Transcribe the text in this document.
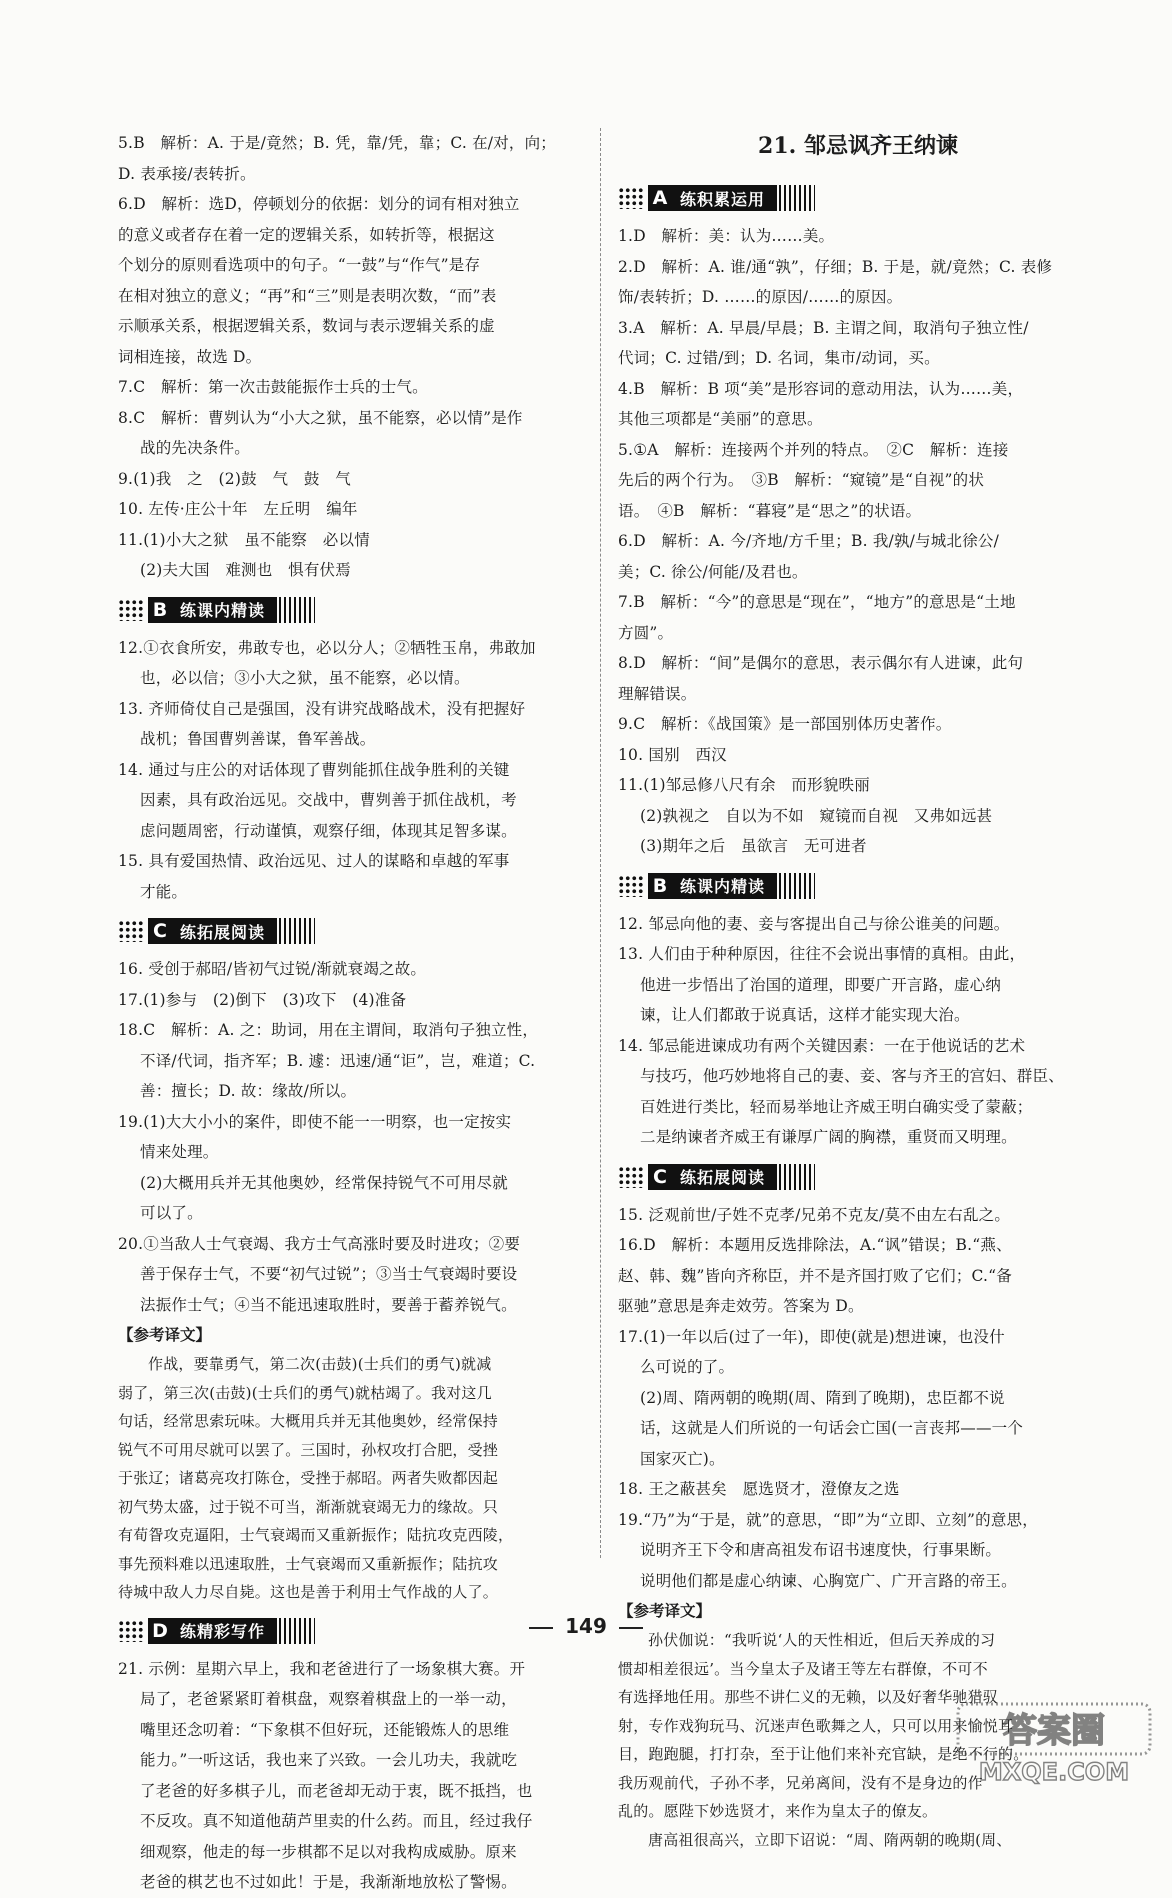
5.B　解析：A. 于是/竟然；B. 凭，靠/凭，靠；C. 在/对，向；
D. 表承接/表转折。
6.D　解析：选D，停顿划分的依据：划分的词有相对独立
的意义或者存在着一定的逻辑关系，如转折等，根据这
个划分的原则看选项中的句子。“一鼓”与“作气”是存
在相对独立的意义；“再”和“三”则是表明次数，“而”表
示顺承关系，根据逻辑关系，数词与表示逻辑关系的虚
词相连接，故选 D。
7.C　解析：第一次击鼓能振作士兵的士气。
8.C　解析：曹刿认为“小大之狱，虽不能察，必以情”是作
战的先决条件。
9.(1)我　之　(2)鼓　气　鼓　气
10. 左传·庄公十年　左丘明　编年
11.(1)小大之狱　虽不能察　必以情
(2)夫大国　难测也　惧有伏焉
B 练课内精读
12.①衣食所安，弗敢专也，必以分人；②牺牲玉帛，弗敢加
也，必以信；③小大之狱，虽不能察，必以情。
13. 齐师倚仗自己是强国，没有讲究战略战术，没有把握好
战机；鲁国曹刿善谋，鲁军善战。
14. 通过与庄公的对话体现了曹刿能抓住战争胜利的关键
因素，具有政治远见。交战中，曹刿善于抓住战机，考
虑问题周密，行动谨慎，观察仔细，体现其足智多谋。
15. 具有爱国热情、政治远见、过人的谋略和卓越的军事
才能。
C 练拓展阅读
16. 受创于郝昭/皆初气过锐/渐就衰竭之故。
17.(1)参与　(2)倒下　(3)攻下　(4)准备
18.C　解析：A. 之：助词，用在主谓间，取消句子独立性，
不译/代词，指齐军；B. 遽：迅速/通“讵”，岂，难道；C.
善：擅长；D. 故：缘故/所以。
19.(1)大大小小的案件，即使不能一一明察，也一定按实
情来处理。
(2)大概用兵并无其他奥妙，经常保持锐气不可用尽就
可以了。
20.①当敌人士气衰竭、我方士气高涨时要及时进攻；②要
善于保存士气，不要“初气过锐”；③当士气衰竭时要设
法振作士气；④当不能迅速取胜时，要善于蓄养锐气。
【参考译文】
作战，要靠勇气，第二次(击鼓)(士兵们的勇气)就减
弱了，第三次(击鼓)(士兵们的勇气)就枯竭了。我对这几
句话，经常思索玩味。大概用兵并无其他奥妙，经常保持
锐气不可用尽就可以罢了。三国时，孙权攻打合肥，受挫
于张辽；诸葛亮攻打陈仓，受挫于郝昭。两者失败都因起
初气势太盛，过于锐不可当，渐渐就衰竭无力的缘故。只
有荀眢攻克逼阳，士气衰竭而又重新振作；陆抗攻克西陵，
事先预料难以迅速取胜，士气衰竭而又重新振作；陆抗攻
待城中敌人力尽自毙。这也是善于利用士气作战的人了。
D 练精彩写作
21. 示例：星期六早上，我和老爸进行了一场象棋大赛。开
局了，老爸紧紧盯着棋盘，观察着棋盘上的一举一动，
嘴里还念叨着：“下象棋不但好玩，还能锻炼人的思维
能力。”一听这话，我也来了兴致。一会儿功夫，我就吃
了老爸的好多棋子儿，而老爸却无动于衷，既不抵挡，也
不反攻。真不知道他葫芦里卖的什么药。而且，经过我仔
细观察，他走的每一步棋都不足以对我构成威胁。原来
老爸的棋艺也不过如此！于是，我渐渐地放松了警惕。
21. 邹忌讽齐王纳谏
A 练积累运用
1.D　解析：美：认为……美。
2.D　解析：A. 谁/通“孰”，仔细；B. 于是，就/竟然；C. 表修
饰/表转折；D. ……的原因/……的原因。
3.A　解析：A. 早晨/早晨；B. 主谓之间，取消句子独立性/
代词；C. 过错/到；D. 名词，集市/动词，买。
4.B　解析：B 项“美”是形容词的意动用法，认为……美，
其他三项都是“美丽”的意思。
5.①A　解析：连接两个并列的特点。　②C　解析：连接
先后的两个行为。　③B　解析：“窥镜”是“自视”的状
语。　④B　解析：“暮寝”是“思之”的状语。
6.D　解析：A. 今/齐地/方千里；B. 我/孰/与城北徐公/
美；C. 徐公/何能/及君也。
7.B　解析：“今”的意思是“现在”，“地方”的意思是“土地
方圆”。
8.D　解析：“间”是偶尔的意思，表示偶尔有人进谏，此句
理解错误。
9.C　解析：《战国策》是一部国别体历史著作。
10. 国别　西汉
11.(1)邹忌修八尺有余　而形貌昳丽
(2)孰视之　自以为不如　窥镜而自视　又弗如远甚
(3)期年之后　虽欲言　无可进者
B 练课内精读
12. 邹忌向他的妻、妾与客提出自己与徐公谁美的问题。
13. 人们由于种种原因，往往不会说出事情的真相。由此，
他进一步悟出了治国的道理，即要广开言路，虚心纳
谏，让人们都敢于说真话，这样才能实现大治。
14. 邹忌能进谏成功有两个关键因素：一在于他说话的艺术
与技巧，他巧妙地将自己的妻、妾、客与齐王的宫妇、群臣、
百姓进行类比，轻而易举地让齐威王明白确实受了蒙蔽；
二是纳谏者齐威王有谦厚广阔的胸襟，重贤而又明理。
C 练拓展阅读
15. 泛观前世/子姓不克孝/兄弟不克友/莫不由左右乱之。
16.D　解析：本题用反选排除法，A.“讽”错误；B.“燕、
赵、韩、魏”皆向齐称臣，并不是齐国打败了它们；C.“备
驱驰”意思是奔走效劳。答案为 D。
17.(1)一年以后(过了一年)，即使(就是)想进谏，也没什
么可说的了。
(2)周、隋两朝的晚期(周、隋到了晚期)，忠臣都不说
话，这就是人们所说的一句话会亡国(一言丧邦——一个
国家灭亡)。
18. 王之蔽甚矣　愿选贤才，澄僚友之选
19.“乃”为“于是，就”的意思，“即”为“立即、立刻”的意思，
说明齐王下令和唐高祖发布诏书速度快，行事果断。
说明他们都是虚心纳谏、心胸宽广、广开言路的帝王。
【参考译文】
孙伏伽说：“我听说‘人的天性相近，但后天养成的习
惯却相差很远’。当今皇太子及诸王等左右群僚，不可不
有选择地任用。那些不讲仁义的无赖，以及好奢华驰猎驭
射，专作戏狗玩马、沉迷声色歌舞之人，只可以用来愉悦耳
目，跑跑腿，打打杂，至于让他们来补充官缺，是绝不行的。
我历观前代，子孙不孝，兄弟离间，没有不是身边的作
乱的。愿陛下妙选贤才，来作为皇太子的僚友。
唐高祖很高兴，立即下诏说：“周、隋两朝的晚期(周、
149
答案圈
MXQE.COM
